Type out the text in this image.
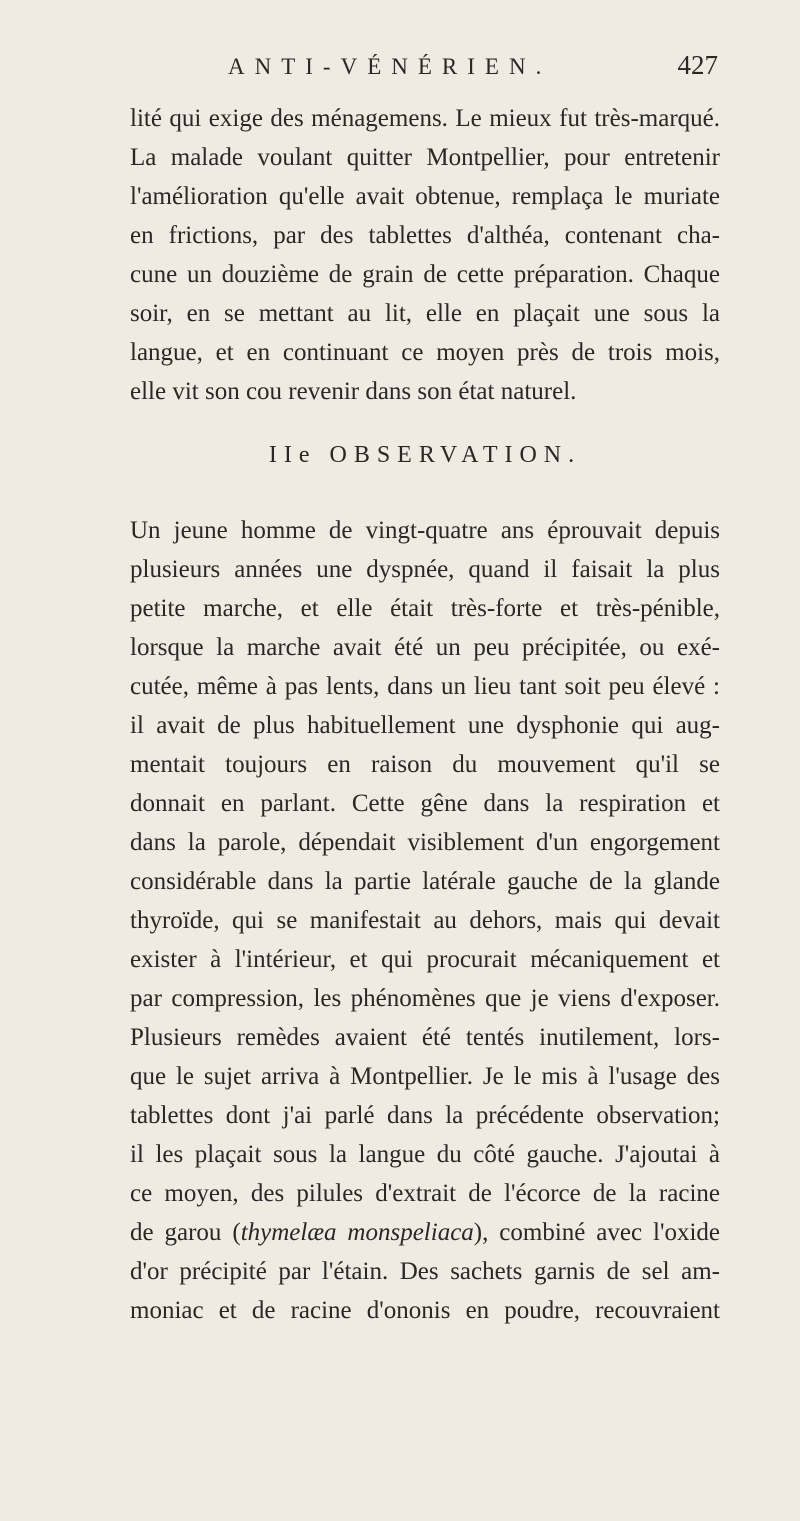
ANTI-VÉNÉRIEN.	427
lité qui exige des ménagemens. Le mieux fut très-marqué.
La malade voulant quitter Montpellier, pour entretenir
l'amélioration qu'elle avait obtenue, remplaça le muriate
en frictions, par des tablettes d'althéa, contenant cha-
cune un douzième de grain de cette préparation. Chaque
soir, en se mettant au lit, elle en plaçait une sous la
langue, et en continuant ce moyen près de trois mois,
elle vit son cou revenir dans son état naturel.
IIe OBSERVATION.
Un jeune homme de vingt-quatre ans éprouvait depuis
plusieurs années une dyspnée, quand il faisait la plus
petite marche, et elle était très-forte et très-pénible,
lorsque la marche avait été un peu précipitée, ou exé-
cutée, même à pas lents, dans un lieu tant soit peu élevé :
il avait de plus habituellement une dysphonie qui aug-
mentait toujours en raison du mouvement qu'il se
donnait en parlant. Cette gêne dans la respiration et
dans la parole, dépendait visiblement d'un engorgement
considérable dans la partie latérale gauche de la glande
thyroïde, qui se manifestait au dehors, mais qui devait
exister à l'intérieur, et qui procurait mécaniquement et
par compression, les phénomènes que je viens d'exposer.
Plusieurs remèdes avaient été tentés inutilement, lors-
que le sujet arriva à Montpellier. Je le mis à l'usage des
tablettes dont j'ai parlé dans la précédente observation;
il les plaçait sous la langue du côté gauche. J'ajoutai à
ce moyen, des pilules d'extrait de l'écorce de la racine
de garou (thymelæa monspeliaca), combiné avec l'oxide
d'or précipité par l'étain. Des sachets garnis de sel am-
moniac et de racine d'ononis en poudre, recouvraient
